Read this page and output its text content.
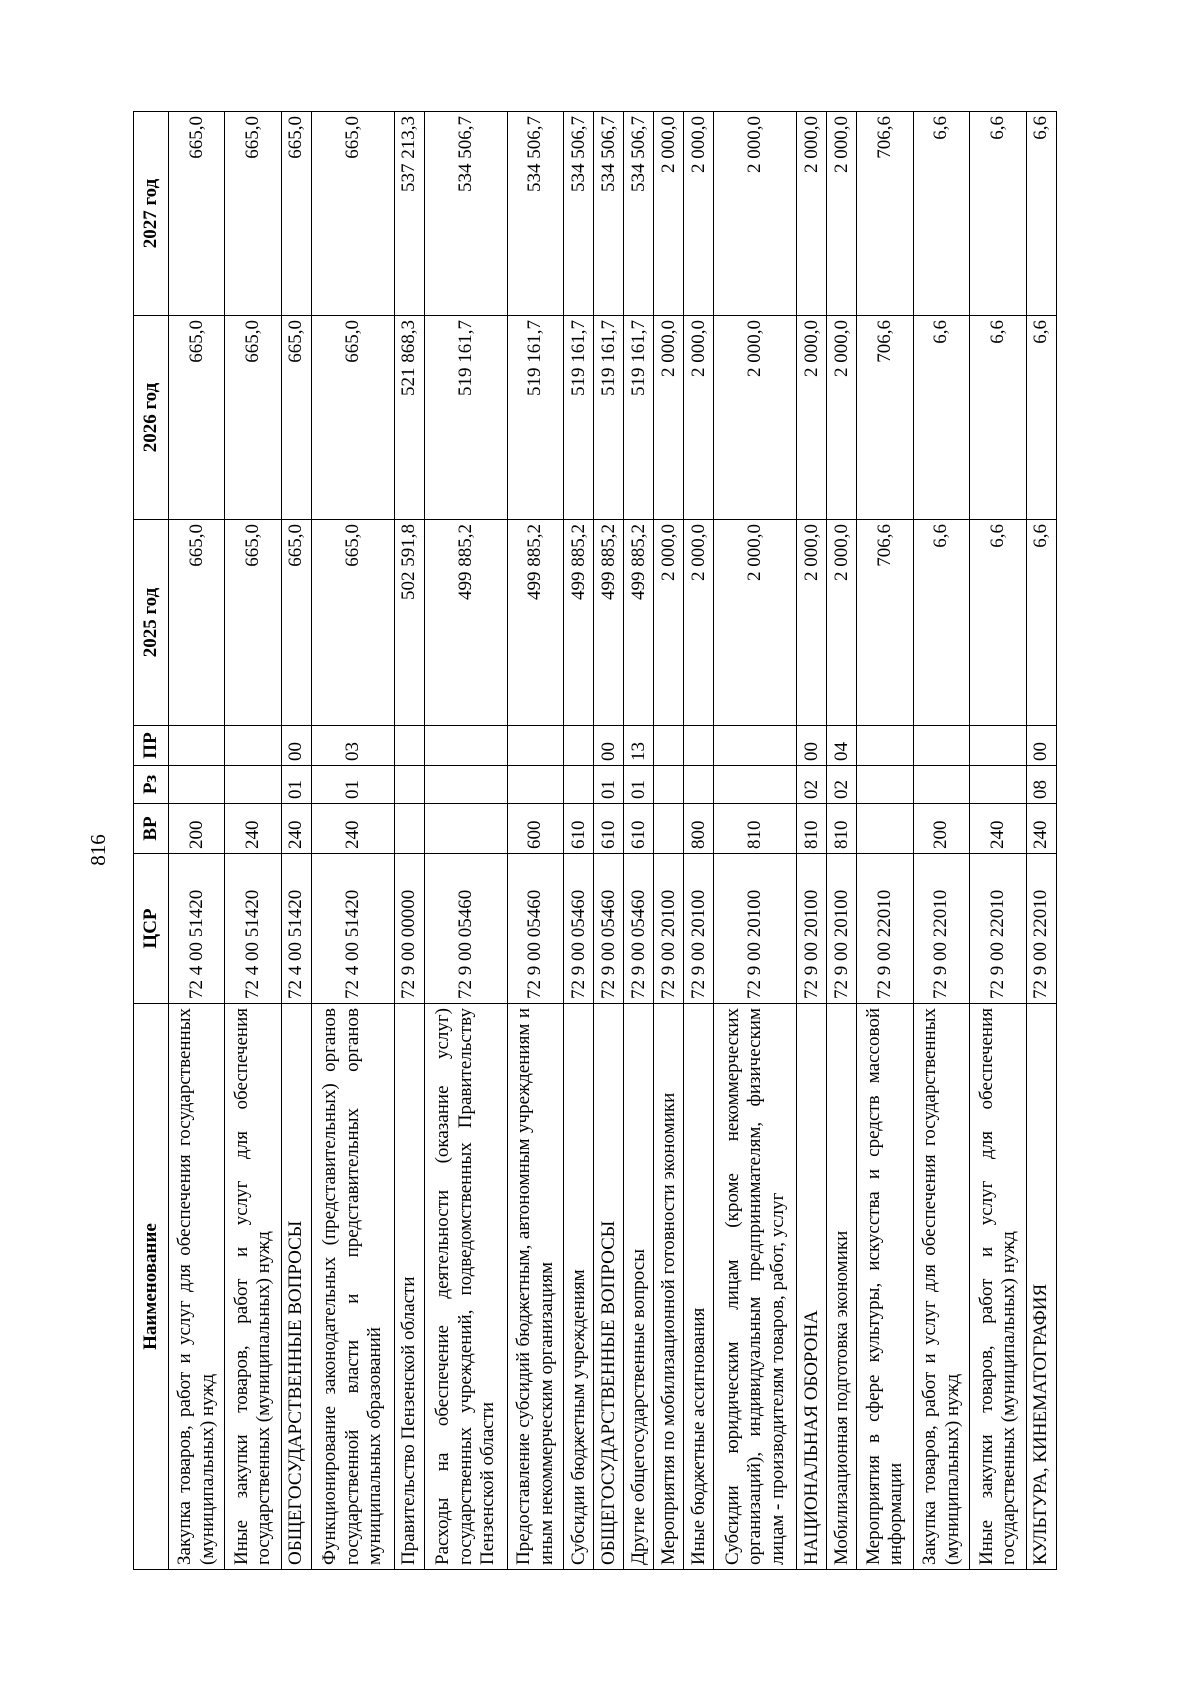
816
Наименование	ЦСР	ВР	Рз	ПР	2025 год	2026 год	2027 год
Закупка товаров, работ и услуг для обеспечения государственных (муниципальных) нужд	72 4 00 51420	200			665,0	665,0	665,0
Иные закупки товаров, работ и услуг для обеспечения государственных (муниципальных) нужд	72 4 00 51420	240			665,0	665,0	665,0
ОБЩЕГОСУДАРСТВЕННЫЕ ВОПРОСЫ	72 4 00 51420	240	01	00	665,0	665,0	665,0
Функционирование законодательных (представительных) органов государственной власти и представительных органов муниципальных образований	72 4 00 51420	240	01	03	665,0	665,0	665,0
Правительство Пензенской области	72 9 00 00000				502 591,8	521 868,3	537 213,3
Расходы на обеспечение деятельности (оказание услуг) государственных учреждений, подведомственных Правительству Пензенской области	72 9 00 05460				499 885,2	519 161,7	534 506,7
Предоставление субсидий бюджетным, автономным учреждениям и иным некоммерческим организациям	72 9 00 05460	600			499 885,2	519 161,7	534 506,7
Субсидии бюджетным учреждениям	72 9 00 05460	610			499 885,2	519 161,7	534 506,7
ОБЩЕГОСУДАРСТВЕННЫЕ ВОПРОСЫ	72 9 00 05460	610	01	00	499 885,2	519 161,7	534 506,7
Другие общегосударственные вопросы	72 9 00 05460	610	01	13	499 885,2	519 161,7	534 506,7
Мероприятия по мобилизационной готовности экономики	72 9 00 20100				2 000,0	2 000,0	2 000,0
Иные бюджетные ассигнования	72 9 00 20100	800			2 000,0	2 000,0	2 000,0
Субсидии юридическим лицам (кроме некоммерческих организаций), индивидуальным предпринимателям, физическим лицам - производителям товаров, работ, услуг	72 9 00 20100	810			2 000,0	2 000,0	2 000,0
НАЦИОНАЛЬНАЯ ОБОРОНА	72 9 00 20100	810	02	00	2 000,0	2 000,0	2 000,0
Мобилизационная подготовка экономики	72 9 00 20100	810	02	04	2 000,0	2 000,0	2 000,0
Мероприятия в сфере культуры, искусства и средств массовой информации	72 9 00 22010				706,6	706,6	706,6
Закупка товаров, работ и услуг для обеспечения государственных (муниципальных) нужд	72 9 00 22010	200			6,6	6,6	6,6
Иные закупки товаров, работ и услуг для обеспечения государственных (муниципальных) нужд	72 9 00 22010	240			6,6	6,6	6,6
КУЛЬТУРА, КИНЕМАТОГРАФИЯ	72 9 00 22010	240	08	00	6,6	6,6	6,6
